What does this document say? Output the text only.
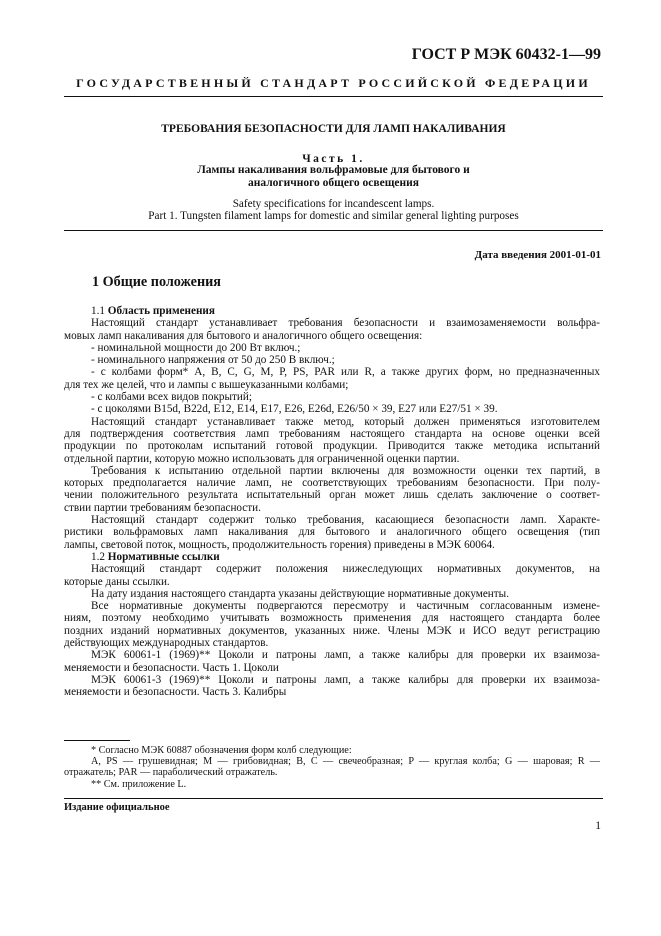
ГОСТ Р МЭК 60432-1—99
ГОСУДАРСТВЕННЫЙ СТАНДАРТ РОССИЙСКОЙ ФЕДЕРАЦИИ
ТРЕБОВАНИЯ БЕЗОПАСНОСТИ ДЛЯ ЛАМП НАКАЛИВАНИЯ
Часть 1.
Лампы накаливания вольфрамовые для бытового и
аналогичного общего освещения
Safety specifications for incandescent lamps.
Part 1. Tungsten filament lamps for domestic and similar general lighting purposes
Дата введения 2001-01-01
1 Общие положения
1.1 Область применения
Настоящий стандарт устанавливает требования безопасности и взаимозаменяемости вольфра-
мовых ламп накаливания для бытового и аналогичного общего освещения:
- номинальной мощности до 200 Вт включ.;
- номинального напряжения от 50 до 250 В включ.;
- с колбами форм* A, B, C, G, M, P, PS, PAR или R, а также других форм, но предназначенных
для тех же целей, что и лампы с вышеуказанными колбами;
- с колбами всех видов покрытий;
- с цоколями B15d, B22d, E12, E14, E17, E26, E26d, E26/50 × 39, E27 или E27/51 × 39.
Настоящий стандарт устанавливает также метод, который должен применяться изготовителем
для подтверждения соответствия ламп требованиям настоящего стандарта на основе оценки всей
продукции по протоколам испытаний готовой продукции. Приводится также методика испытаний
отдельной партии, которую можно использовать для ограниченной оценки партии.
Требования к испытанию отдельной партии включены для возможности оценки тех партий, в
которых предполагается наличие ламп, не соответствующих требованиям безопасности. При полу-
чении положительного результата испытательный орган может лишь сделать заключение о соответ-
ствии партии требованиям безопасности.
Настоящий стандарт содержит только требования, касающиеся безопасности ламп. Характе-
ристики вольфрамовых ламп накаливания для бытового и аналогичного общего освещения (тип
лампы, световой поток, мощность, продолжительность горения) приведены в МЭК 60064.
1.2 Нормативные ссылки
Настоящий стандарт содержит положения нижеследующих нормативных документов, на
которые даны ссылки.
На дату издания настоящего стандарта указаны действующие нормативные документы.
Все нормативные документы подвергаются пересмотру и частичным согласованным измене-
ниям, поэтому необходимо учитывать возможность применения для настоящего стандарта более
поздних изданий нормативных документов, указанных ниже. Члены МЭК и ИСО ведут регистрацию
действующих международных стандартов.
МЭК 60061-1 (1969)** Цоколи и патроны ламп, а также калибры для проверки их взаимоза-
меняемости и безопасности. Часть 1. Цоколи
МЭК 60061-3 (1969)** Цоколи и патроны ламп, а также калибры для проверки их взаимоза-
меняемости и безопасности. Часть 3. Калибры
* Согласно МЭК 60887 обозначения форм колб следующие:
A, PS — грушевидная; M — грибовидная; B, C — свечеобразная; P — круглая колба; G — шаровая; R —
отражатель; PAR — параболический отражатель.
** См. приложение L.
Издание официальное
1
